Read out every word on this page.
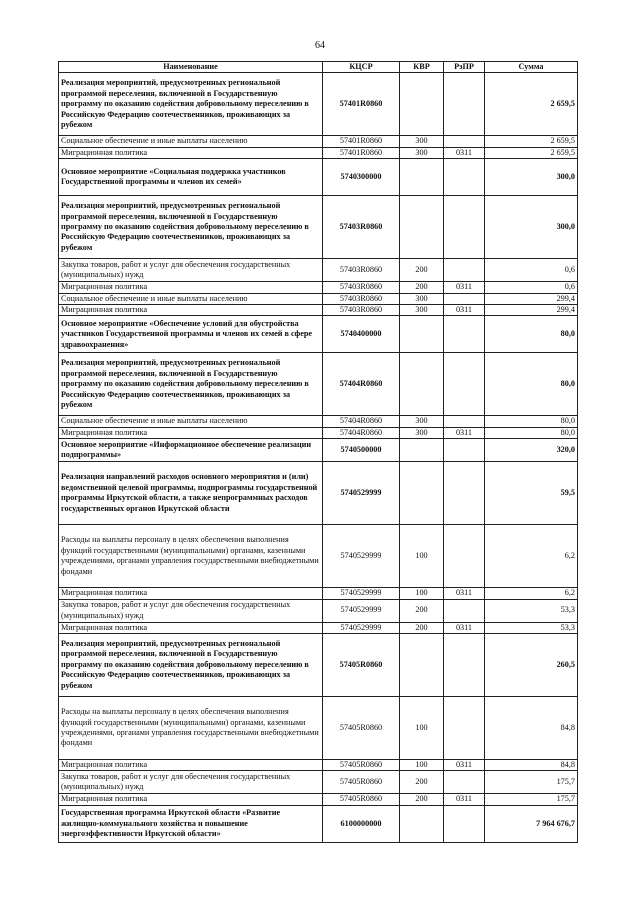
64
Наименование	КЦСР	КВР	РзПР	Сумма
Реализация мероприятий, предусмотренных региональной программой переселения, включенной в Государственную программу по оказанию содействия добровольному переселению в Российскую Федерацию соотечественников, проживающих за рубежом	57401R0860			2 659,5
Социальное обеспечение и иные выплаты населению	57401R0860	300		2 659,5
Миграционная политика	57401R0860	300	0311	2 659,5
Основное мероприятие «Социальная поддержка участников Государственной программы и членов их семей»	5740300000			300,0
Реализация мероприятий, предусмотренных региональной программой переселения, включенной в Государственную программу по оказанию содействия добровольному переселению в Российскую Федерацию соотечественников, проживающих за рубежом	57403R0860			300,0
Закупка товаров, работ и услуг для обеспечения государственных (муниципальных) нужд	57403R0860	200		0,6
Миграционная политика	57403R0860	200	0311	0,6
Социальное обеспечение и иные выплаты населению	57403R0860	300		299,4
Миграционная политика	57403R0860	300	0311	299,4
Основное мероприятие «Обеспечение условий для обустройства участников Государственной программы и членов их семей в сфере здравоохранения»	5740400000			80,0
Реализация мероприятий, предусмотренных региональной программой переселения, включенной в Государственную программу по оказанию содействия добровольному переселению в Российскую Федерацию соотечественников, проживающих за рубежом	57404R0860			80,0
Социальное обеспечение и иные выплаты населению	57404R0860	300		80,0
Миграционная политика	57404R0860	300	0311	80,0
Основное мероприятие «Информационное обеспечение реализации подпрограммы»	5740500000			320,0
Реализация направлений расходов основного мероприятия и (или) ведомственной целевой программы, подпрограммы государственной программы Иркутской области, а также непрограммных расходов государственных органов Иркутской области	5740529999			59,5
Расходы на выплаты персоналу в целях обеспечения выполнения функций государственными (муниципальными) органами, казенными учреждениями, органами управления государственными внебюджетными фондами	5740529999	100		6,2
Миграционная политика	5740529999	100	0311	6,2
Закупка товаров, работ и услуг для обеспечения государственных (муниципальных) нужд	5740529999	200		53,3
Миграционная политика	5740529999	200	0311	53,3
Реализация мероприятий, предусмотренных региональной программой переселения, включенной в Государственную программу по оказанию содействия добровольному переселению в Российскую Федерацию соотечественников, проживающих за рубежом	57405R0860			260,5
Расходы на выплаты персоналу в целях обеспечения выполнения функций государственными (муниципальными) органами, казенными учреждениями, органами управления государственными внебюджетными фондами	57405R0860	100		84,8
Миграционная политика	57405R0860	100	0311	84,8
Закупка товаров, работ и услуг для обеспечения государственных (муниципальных) нужд	57405R0860	200		175,7
Миграционная политика	57405R0860	200	0311	175,7
Государственная программа Иркутской области «Развитие жилищно-коммунального хозяйства и повышение энергоэффективности Иркутской области»	6100000000			7 964 676,7
